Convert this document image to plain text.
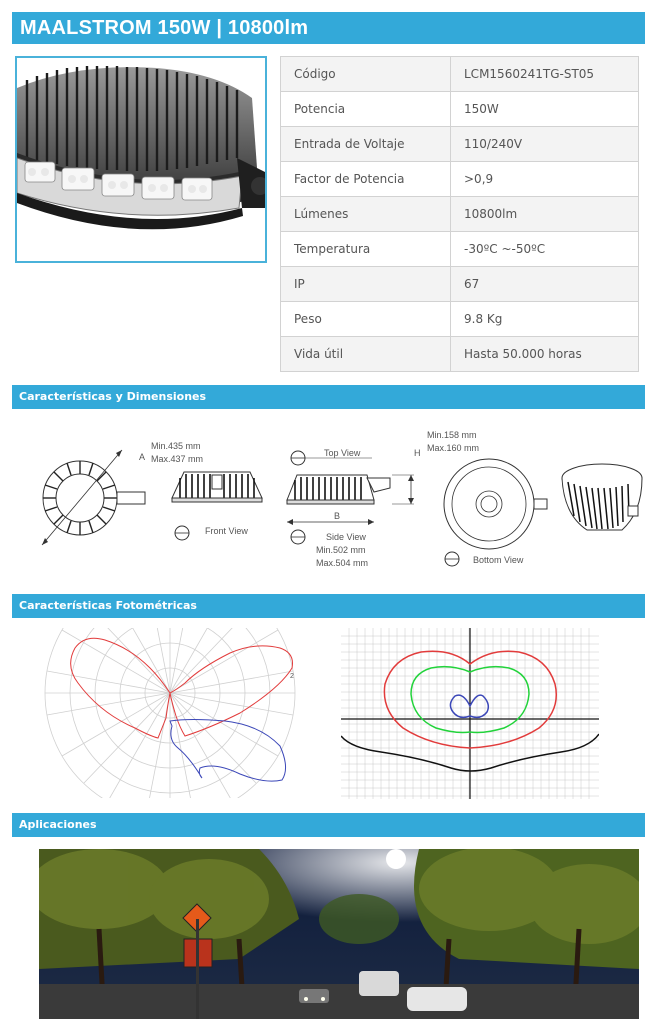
MAALSTROM 150W | 10800lm
Código	LCM1560241TG-ST05
Potencia	150W
Entrada de Voltaje	110/240V
Factor de Potencia	>0,9
Lúmenes	10800lm
Temperatura	-30ºC ~-50ºC
IP	67
Peso	9.8 Kg
Vida útil	Hasta 50.000 horas
Características y Dimensiones
Min.435 mm
Max.437 mm
A
Front View
Top View
Side View
B
Min.502 mm
Max.504 mm
Min.158 mm
Max.160 mm
H
Bottom View
Características Fotométricas
2
Aplicaciones
